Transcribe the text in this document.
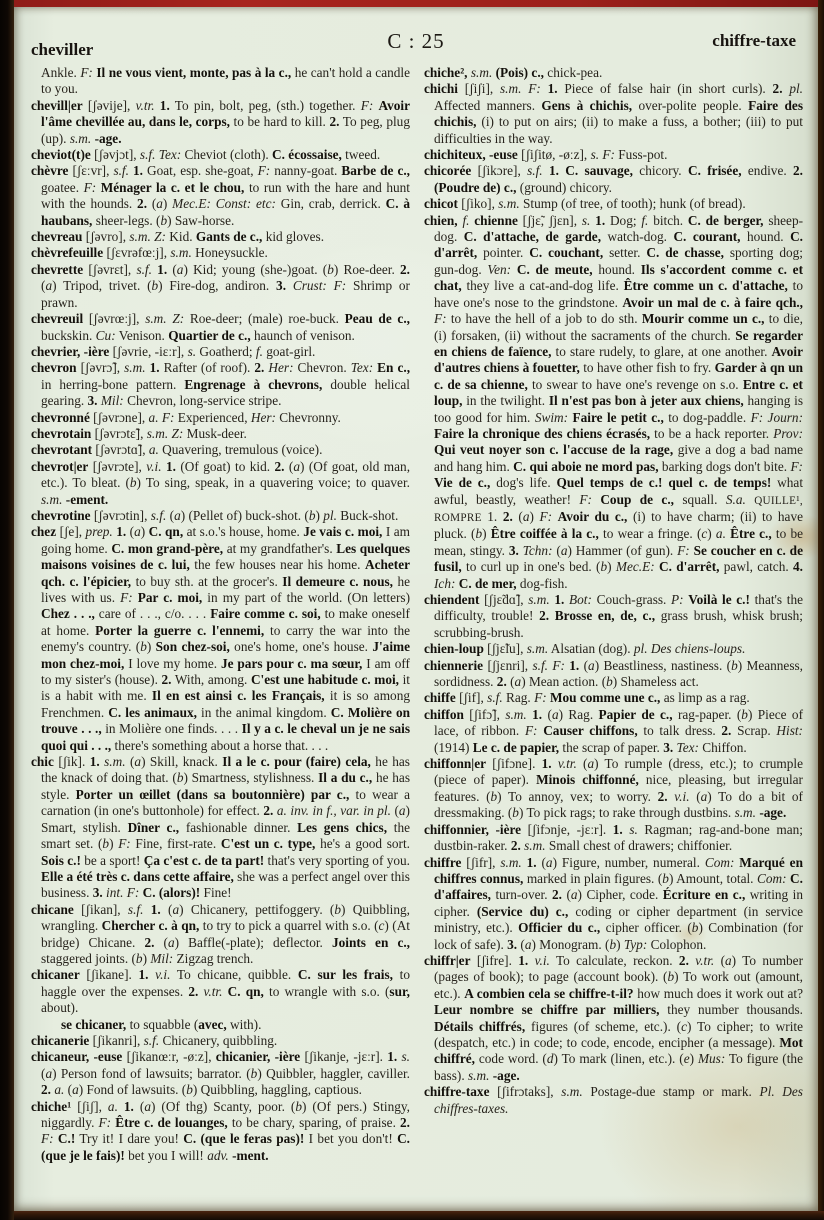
cheviller	C : 25	chiffre-taxe

Ankle. F: Il ne vous vient, monte, pas à la c., he can't hold a candle to you.

chevill|er [ʃəvije], v.tr. 1. To pin, bolt, peg, (sth.) together. F: Avoir l'âme chevillée au, dans le, corps, to be hard to kill. 2. To peg, plug (up). s.m. -age.

cheviot(t)e [ʃəvjɔt], s.f. Tex: Cheviot (cloth). C. écossaise, tweed.

chèvre [ʃɛːvr], s.f. 1. Goat, esp. she-goat, F: nanny-goat. Barbe de c., goatee. F: Ménager la c. et le chou, to run with the hare and hunt with the hounds. 2. (a) Mec.E: Const: etc: Gin, crab, derrick. C. à haubans, sheer-legs. (b) Saw-horse.

chevreau [ʃəvro], s.m. Z: Kid. Gants de c., kid gloves.

chèvrefeuille [ʃɛvrəfœːj], s.m. Honeysuckle.

chevrette [ʃəvrɛt], s.f. 1. (a) Kid; young (she-)goat. (b) Roe-deer. 2. (a) Tripod, trivet. (b) Fire-dog, andiron. 3. Crust: F: Shrimp or prawn.

chevreuil [ʃəvrœːj], s.m. Z: Roe-deer; (male) roe-buck. Peau de c., buckskin. Cu: Venison. Quartier de c., haunch of venison.

chevrier, -ière [ʃəvrie, -iɛːr], s. Goatherd; f. goat-girl.

chevron [ʃəvrɔ̃], s.m. 1. Rafter (of roof). 2. Her: Chevron. Tex: En c., in herring-bone pattern. Engrenage à chevrons, double helical gearing. 3. Mil: Chevron, long-service stripe.

chevronné [ʃəvrɔne], a. F: Experienced, Her: Chevronny.

chevrotain [ʃəvrɔtɛ̃], s.m. Z: Musk-deer.

chevrotant [ʃəvrɔtɑ̃], a. Quavering, tremulous (voice).

chevrot|er [ʃəvrɔte], v.i. 1. (Of goat) to kid. 2. (a) (Of goat, old man, etc.). To bleat. (b) To sing, speak, in a quavering voice; to quaver. s.m. -ement.

chevrotine [ʃəvrɔtin], s.f. (a) (Pellet of) buck-shot. (b) pl. Buck-shot.

chez [ʃe], prep. 1. (a) C. qn, at s.o.'s house, home. Je vais c. moi, I am going home. C. mon grand-père, at my grandfather's. Les quelques maisons voisines de c. lui, the few houses near his home. Acheter qch. c. l'épicier, to buy sth. at the grocer's. Il demeure c. nous, he lives with us. F: Par c. moi, in my part of the world. (On letters) Chez . . ., care of . . ., c/o. . . . Faire comme c. soi, to make oneself at home. Porter la guerre c. l'ennemi, to carry the war into the enemy's country. (b) Son chez-soi, one's home, one's house. J'aime mon chez-moi, I love my home. Je pars pour c. ma sœur, I am off to my sister's (house). 2. With, among. C'est une habitude c. moi, it is a habit with me. Il en est ainsi c. les Français, it is so among Frenchmen. C. les animaux, in the animal kingdom. C. Molière on trouve . . ., in Molière one finds. . . . Il y a c. le cheval un je ne sais quoi qui . . ., there's something about a horse that. . . .

chic [ʃik]. 1. s.m. (a) Skill, knack. Il a le c. pour (faire) cela, he has the knack of doing that. (b) Smartness, stylishness. Il a du c., he has style. Porter un œillet (dans sa boutonnière) par c., to wear a carnation (in one's buttonhole) for effect. 2. a. inv. in f., var. in pl. (a) Smart, stylish. Dîner c., fashionable dinner. Les gens chics, the smart set. (b) F: Fine, first-rate. C'est un c. type, he's a good sort. Sois c.! be a sport! Ça c'est c. de ta part! that's very sporting of you. Elle a été très c. dans cette affaire, she was a perfect angel over this business. 3. int. F: C. (alors)! Fine!

chicane [ʃikan], s.f. 1. (a) Chicanery, pettifoggery. (b) Quibbling, wrangling. Chercher c. à qn, to try to pick a quarrel with s.o. (c) (At bridge) Chicane. 2. (a) Baffle(-plate); deflector. Joints en c., staggered joints. (b) Mil: Zigzag trench.

chicaner [ʃikane]. 1. v.i. To chicane, quibble. C. sur les frais, to haggle over the expenses. 2. v.tr. C. qn, to wrangle with s.o. (sur, about).

se chicaner, to squabble (avec, with).

chicanerie [ʃikanri], s.f. Chicanery, quibbling.

chicaneur, -euse [ʃikanœːr, -øːz], chicanier, -ière [ʃikanje, -jɛːr]. 1. s. (a) Person fond of lawsuits; barrator. (b) Quibbler, haggler, caviller. 2. a. (a) Fond of lawsuits. (b) Quibbling, haggling, captious.

chiche¹ [ʃiʃ], a. 1. (a) (Of thg) Scanty, poor. (b) (Of pers.) Stingy, niggardly. F: Être c. de louanges, to be chary, sparing, of praise. 2. F: C.! Try it! I dare you! C. (que le feras pas)! I bet you don't! C. (que je le fais)! bet you I will! adv. -ment.

chiche², s.m. (Pois) c., chick-pea.

chichi [ʃiʃi], s.m. F: 1. Piece of false hair (in short curls). 2. pl. Affected manners. Gens à chichis, over-polite people. Faire des chichis, (i) to put on airs; (ii) to make a fuss, a bother; (iii) to put difficulties in the way.

chichiteux, -euse [ʃiʃitø, -øːz], s. F: Fuss-pot.

chicorée [ʃikɔre], s.f. 1. C. sauvage, chicory. C. frisée, endive. 2. (Poudre de) c., (ground) chicory.

chicot [ʃiko], s.m. Stump (of tree, of tooth); hunk (of bread).

chien, f. chienne [ʃjɛ̃, ʃjɛn], s. 1. Dog; f. bitch. C. de berger, sheep-dog. C. d'attache, de garde, watch-dog. C. courant, hound. C. d'arrêt, pointer. C. couchant, setter. C. de chasse, sporting dog; gun-dog. Ven: C. de meute, hound. Ils s'accordent comme c. et chat, they live a cat-and-dog life. Être comme un c. d'attache, to have one's nose to the grindstone. Avoir un mal de c. à faire qch., F: to have the hell of a job to do sth. Mourir comme un c., to die, (i) forsaken, (ii) without the sacraments of the church. Se regarder en chiens de faïence, to stare rudely, to glare, at one another. Avoir d'autres chiens à fouetter, to have other fish to fry. Garder à qn un c. de sa chienne, to swear to have one's revenge on s.o. Entre c. et loup, in the twilight. Il n'est pas bon à jeter aux chiens, hanging is too good for him. Swim: Faire le petit c., to dog-paddle. F: Journ: Faire la chronique des chiens écrasés, to be a hack reporter. Prov: Qui veut noyer son c. l'accuse de la rage, give a dog a bad name and hang him. C. qui aboie ne mord pas, barking dogs don't bite. F: Vie de c., dog's life. Quel temps de c.! quel c. de temps! what awful, beastly, weather! F: Coup de c., squall. S.a. QUILLE¹, ROMPRE 1. 2. (a) F: Avoir du c., (i) to have charm; (ii) to have pluck. (b) Être coiffée à la c., to wear a fringe. (c) a. Être c., to be mean, stingy. 3. Tchn: (a) Hammer (of gun). F: Se coucher en c. de fusil, to curl up in one's bed. (b) Mec.E: C. d'arrêt, pawl, catch. 4. Ich: C. de mer, dog-fish.

chiendent [ʃjɛ̃dɑ̃], s.m. 1. Bot: Couch-grass. P: Voilà le c.! that's the difficulty, trouble! 2. Brosse en, de, c., grass brush, whisk brush; scrubbing-brush.

chien-loup [ʃjɛ̃lu], s.m. Alsatian (dog). pl. Des chiens-loups.

chiennerie [ʃjɛnri], s.f. F: 1. (a) Beastliness, nastiness. (b) Meanness, sordidness. 2. (a) Mean action. (b) Shameless act.

chiffe [ʃif], s.f. Rag. F: Mou comme une c., as limp as a rag.

chiffon [ʃifɔ̃], s.m. 1. (a) Rag. Papier de c., rag-paper. (b) Piece of lace, of ribbon. F: Causer chiffons, to talk dress. 2. Scrap. Hist: (1914) Le c. de papier, the scrap of paper. 3. Tex: Chiffon.

chiffonn|er [ʃifɔne]. 1. v.tr. (a) To rumple (dress, etc.); to crumple (piece of paper). Minois chiffonné, nice, pleasing, but irregular features. (b) To annoy, vex; to worry. 2. v.i. (a) To do a bit of dressmaking. (b) To pick rags; to rake through dustbins. s.m. -age.

chiffonnier, -ière [ʃifɔnje, -jɛːr]. 1. s. Ragman; rag-and-bone man; dustbin-raker. 2. s.m. Small chest of drawers; chiffonier.

chiffre [ʃifr], s.m. 1. (a) Figure, number, numeral. Com: Marqué en chiffres connus, marked in plain figures. (b) Amount, total. Com: C. d'affaires, turn-over. 2. (a) Cipher, code. Écriture en c., writing in cipher. (Service du) c., coding or cipher department (in service ministry, etc.). Officier du c., cipher officer. (b) Combination (for lock of safe). 3. (a) Monogram. (b) Typ: Colophon.

chiffr|er [ʃifre]. 1. v.i. To calculate, reckon. 2. v.tr. (a) To number (pages of book); to page (account book). (b) To work out (amount, etc.). A combien cela se chiffre-t-il? how much does it work out at? Leur nombre se chiffre par milliers, they number thousands. Détails chiffrés, figures (of scheme, etc.). (c) To cipher; to write (despatch, etc.) in code; to code, encode, encipher (a message). Mot chiffré, code word. (d) To mark (linen, etc.). (e) Mus: To figure (the bass). s.m. -age.

chiffre-taxe [ʃifrɔtaks], s.m. Postage-due stamp or mark. Pl. Des chiffres-taxes.
